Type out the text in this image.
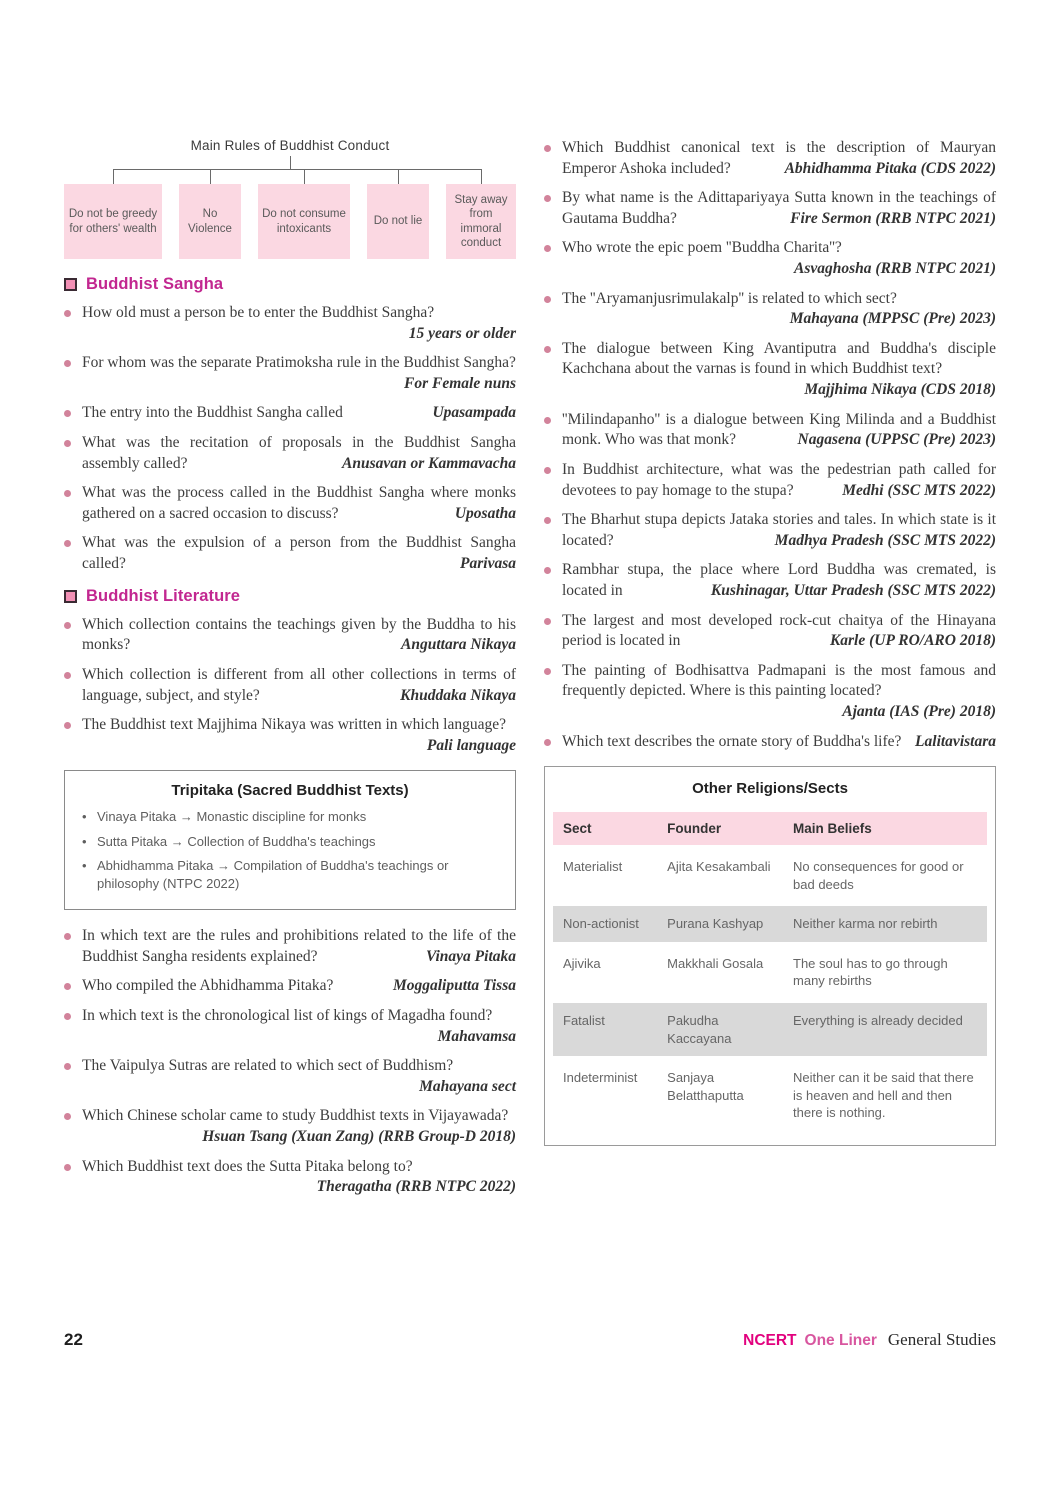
Main Rules of Buddhist Conduct
Do not be greedy for others' wealth
No Violence
Do not consume intoxicants
Do not lie
Stay away from immoral conduct
Buddhist Sangha
How old must a person be to enter the Buddhist Sangha?
15 years or older
For whom was the separate Pratimoksha rule in the Buddhist Sangha?
For Female nuns
The entry into the Buddhist Sangha called	Upasampada
What was the recitation of proposals in the Buddhist Sangha assembly called?	Anusavan or Kammavacha
What was the process called in the Buddhist Sangha where monks gathered on a sacred occasion to discuss?	Uposatha
What was the expulsion of a person from the Buddhist Sangha called?	Parivasa
Buddhist Literature
Which collection contains the teachings given by the Buddha to his monks?	Anguttara Nikaya
Which collection is different from all other collections in terms of language, subject, and style?	Khuddaka Nikaya
The Buddhist text Majjhima Nikaya was written in which language?
Pali language
Tripitaka (Sacred Buddhist Texts)
• Vinaya Pitaka → Monastic discipline for monks
• Sutta Pitaka → Collection of Buddha's teachings
• Abhidhamma Pitaka → Compilation of Buddha's teachings or philosophy (NTPC 2022)
In which text are the rules and prohibitions related to the life of the Buddhist Sangha residents explained?	Vinaya Pitaka
Who compiled the Abhidhamma Pitaka?	Moggaliputta Tissa
In which text is the chronological list of kings of Magadha found?
Mahavamsa
The Vaipulya Sutras are related to which sect of Buddhism?
Mahayana sect
Which Chinese scholar came to study Buddhist texts in Vijayawada?
Hsuan Tsang (Xuan Zang) (RRB Group-D 2018)
Which Buddhist text does the Sutta Pitaka belong to?
Theragatha (RRB NTPC 2022)
Which Buddhist canonical text is the description of Mauryan Emperor Ashoka included?	Abhidhamma Pitaka (CDS 2022)
By what name is the Adittapariyaya Sutta known in the teachings of Gautama Buddha?	Fire Sermon (RRB NTPC 2021)
Who wrote the epic poem ''Buddha Charita''?
Asvaghosha (RRB NTPC 2021)
The ''Aryamanjusrimulakalp'' is related to which sect?
Mahayana (MPPSC (Pre) 2023)
The dialogue between King Avantiputra and Buddha's disciple Kachchana about the varnas is found in which Buddhist text?
Majjhima Nikaya (CDS 2018)
''Milindapanho'' is a dialogue between King Milinda and a Buddhist monk. Who was that monk?	Nagasena (UPPSC (Pre) 2023)
In Buddhist architecture, what was the pedestrian path called for devotees to pay homage to the stupa?	Medhi (SSC MTS 2022)
The Bharhut stupa depicts Jataka stories and tales. In which state is it located?	Madhya Pradesh (SSC MTS 2022)
Rambhar stupa, the place where Lord Buddha was cremated, is located in	Kushinagar, Uttar Pradesh (SSC MTS 2022)
The largest and most developed rock-cut chaitya of the Hinayana period is located in	Karle (UP RO/ARO 2018)
The painting of Bodhisattva Padmapani is the most famous and frequently depicted. Where is this painting located?
Ajanta (IAS (Pre) 2018)
Which text describes the ornate story of Buddha's life? Lalitavistara
Other Religions/Sects
Sect	Founder	Main Beliefs
Materialist	Ajita Kesakambali	No consequences for good or bad deeds
Non-actionist	Purana Kashyap	Neither karma nor rebirth
Ajivika	Makkhali Gosala	The soul has to go through many rebirths
Fatalist	Pakudha Kaccayana	Everything is already decided
Indeterminist	Sanjaya Belatthaputta	Neither can it be said that there is heaven and hell and then there is nothing.
22	NCERT One Liner General Studies
